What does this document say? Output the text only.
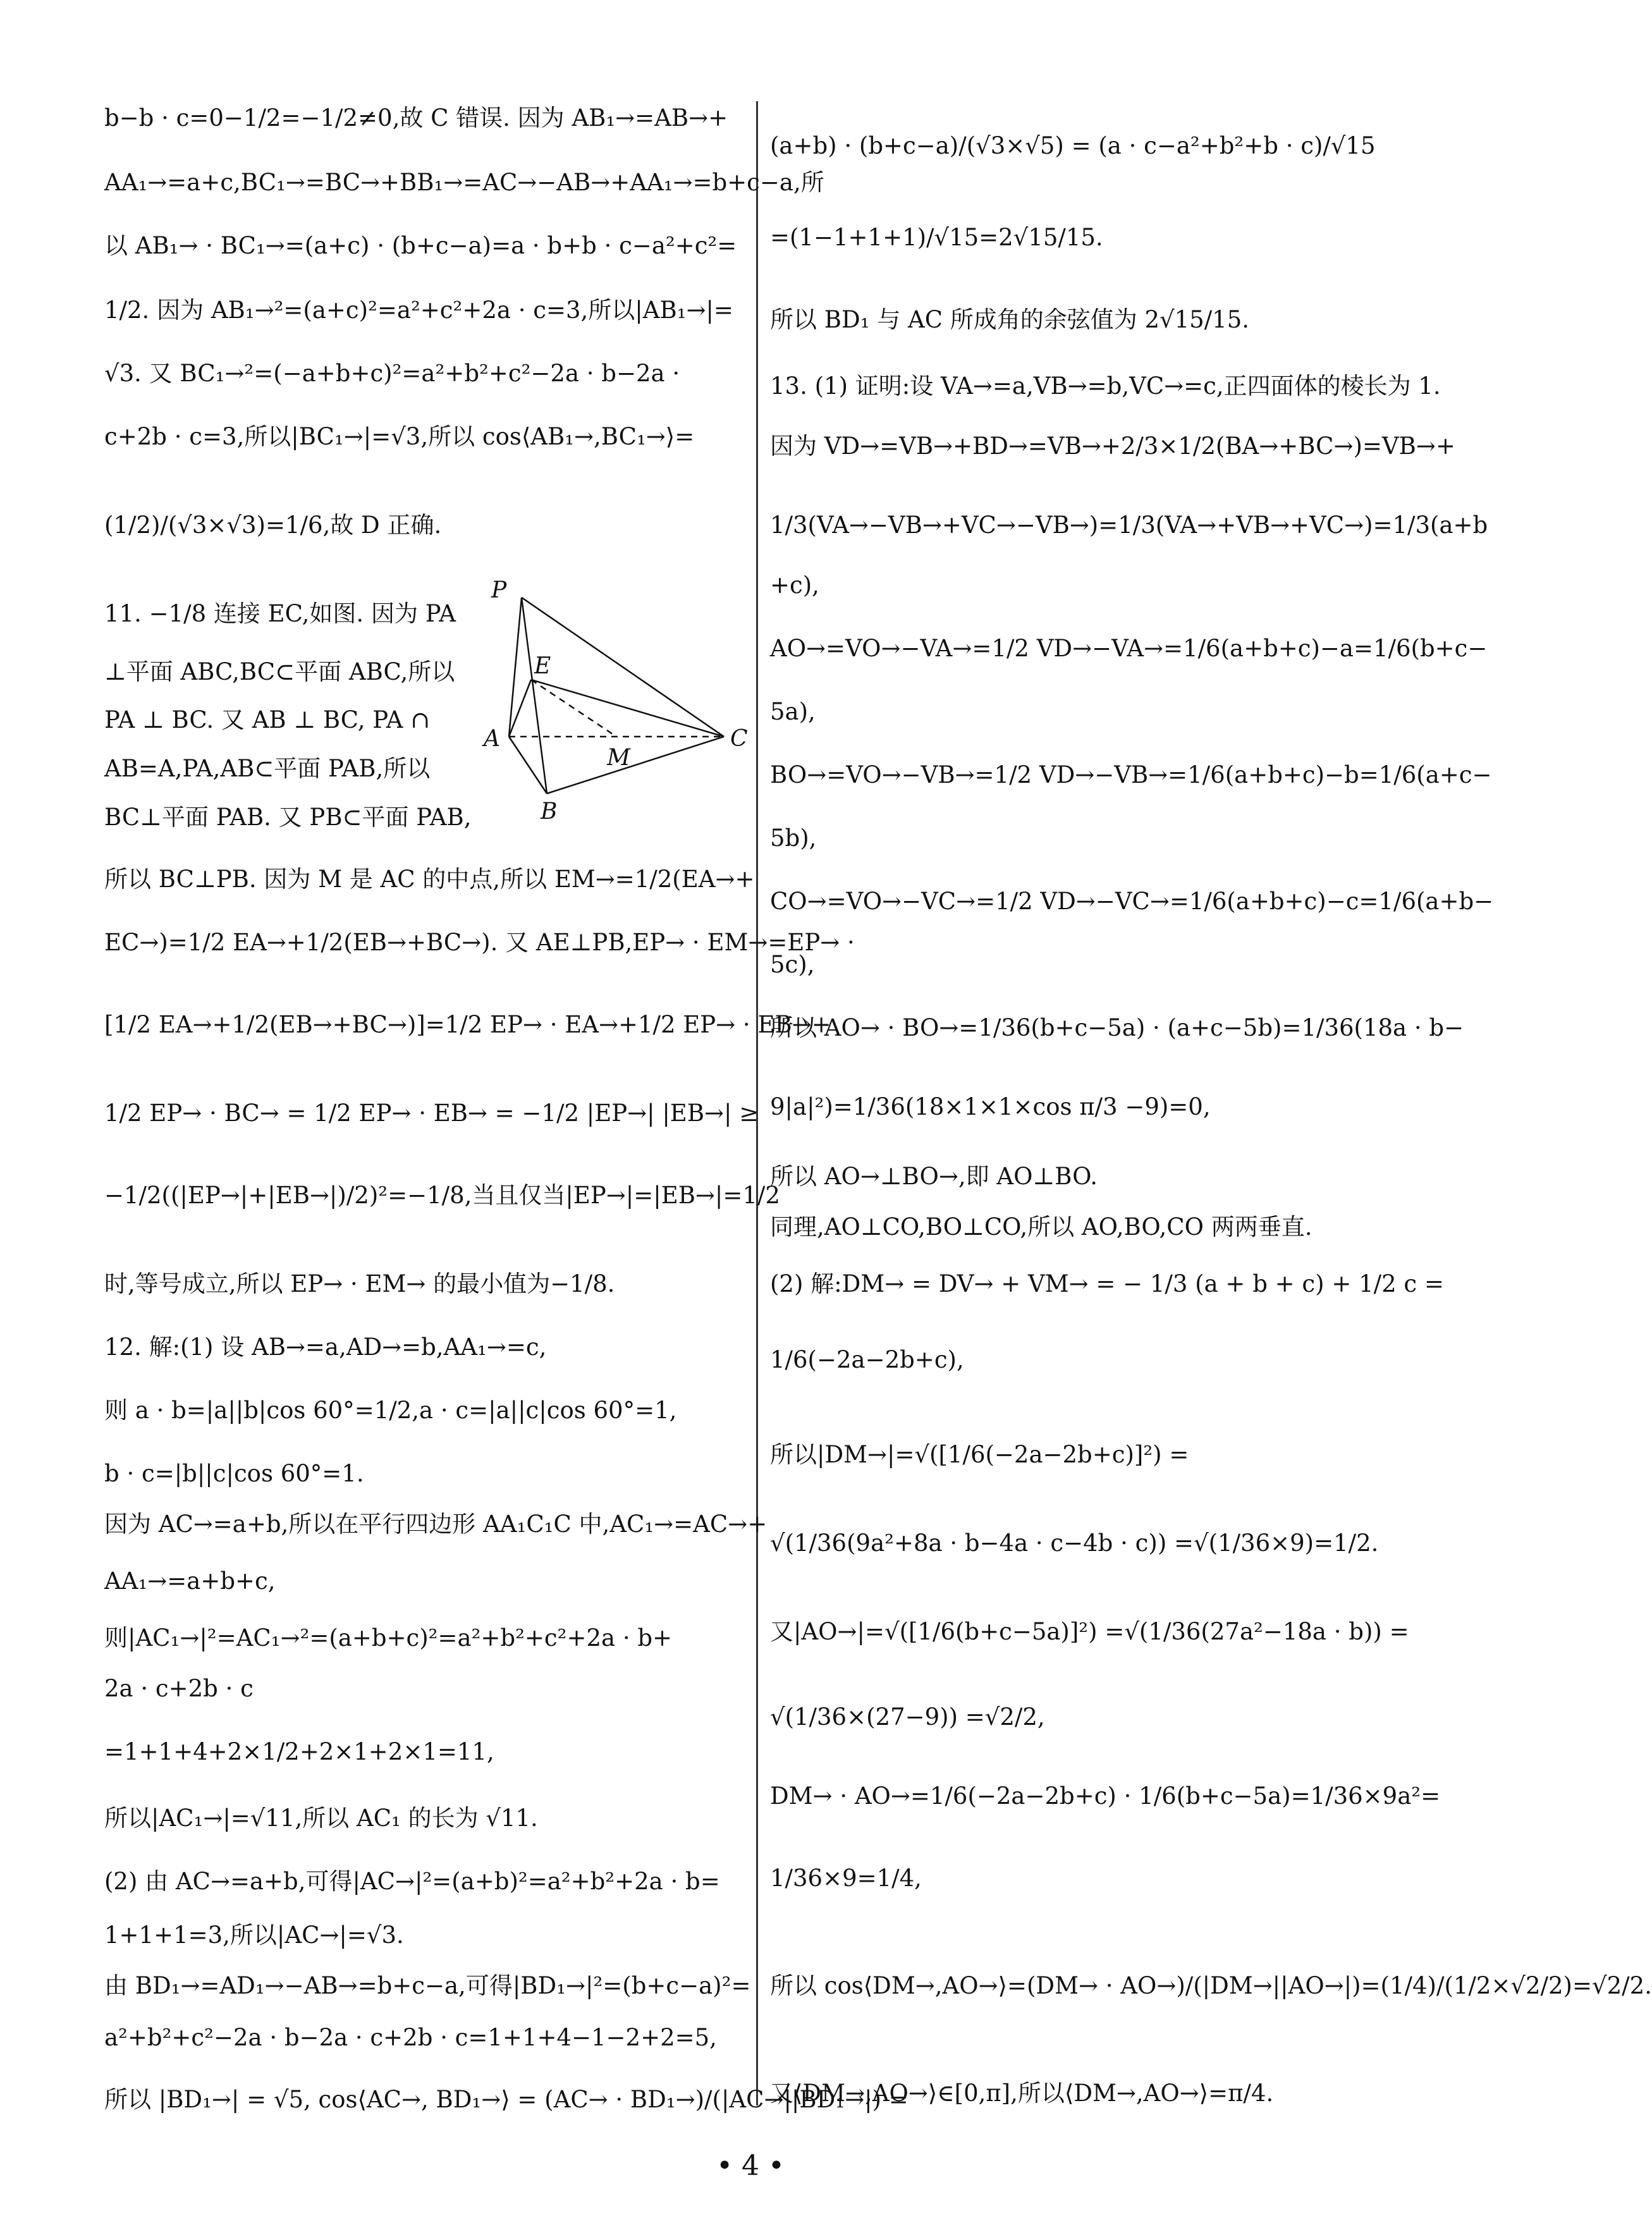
b−b · c=0−1/2=−1/2≠0,故 C 错误. 因为 AB₁→=AB→+

AA₁→=a+c,BC₁→=BC→+BB₁→=AC→−AB→+AA₁→=b+c−a,所

以 AB₁→ · BC₁→=(a+c) · (b+c−a)=a · b+b · c−a²+c²=

1/2. 因为 AB₁→²=(a+c)²=a²+c²+2a · c=3,所以|AB₁→|=

√3. 又 BC₁→²=(−a+b+c)²=a²+b²+c²−2a · b−2a ·

c+2b · c=3,所以|BC₁→|=√3,所以 cos⟨AB₁→,BC₁→⟩=

(1/2)/(√3×√3)=1/6,故 D 正确.

11. −1/8 连接 EC,如图. 因为 PA

⊥平面 ABC,BC⊂平面 ABC,所以

PA ⊥ BC. 又 AB ⊥ BC, PA ∩

AB=A,PA,AB⊂平面 PAB,所以

BC⊥平面 PAB. 又 PB⊂平面 PAB,

所以 BC⊥PB. 因为 M 是 AC 的中点,所以 EM→=1/2(EA→+

EC→)=1/2 EA→+1/2(EB→+BC→). 又 AE⊥PB,EP→ · EM→=EP→ ·

[1/2 EA→+1/2(EB→+BC→)]=1/2 EP→ · EA→+1/2 EP→ · EB→+

1/2 EP→ · BC→ = 1/2 EP→ · EB→ = −1/2 |EP→| |EB→| ≥

−1/2((|EP→|+|EB→|)/2)²=−1/8,当且仅当|EP→|=|EB→|=1/2

时,等号成立,所以 EP→ · EM→ 的最小值为−1/8.

12. 解:(1) 设 AB→=a,AD→=b,AA₁→=c,

则 a · b=|a||b|cos 60°=1/2,a · c=|a||c|cos 60°=1,

b · c=|b||c|cos 60°=1.

因为 AC→=a+b,所以在平行四边形 AA₁C₁C 中,AC₁→=AC→+

AA₁→=a+b+c,

则|AC₁→|²=AC₁→²=(a+b+c)²=a²+b²+c²+2a · b+

2a · c+2b · c

=1+1+4+2×1/2+2×1+2×1=11,

所以|AC₁→|=√11,所以 AC₁ 的长为 √11.

(2) 由 AC→=a+b,可得|AC→|²=(a+b)²=a²+b²+2a · b=

1+1+1=3,所以|AC→|=√3.

由 BD₁→=AD₁→−AB→=b+c−a,可得|BD₁→|²=(b+c−a)²=

a²+b²+c²−2a · b−2a · c+2b · c=1+1+4−1−2+2=5,

所以 |BD₁→| = √5, cos⟨AC→, BD₁→⟩ = (AC→ · BD₁→)/(|AC→||BD₁→|) =

(a+b) · (b+c−a)/(√3×√5) = (a · c−a²+b²+b · c)/√15

=(1−1+1+1)/√15=2√15/15.

所以 BD₁ 与 AC 所成角的余弦值为 2√15/15.

13. (1) 证明:设 VA→=a,VB→=b,VC→=c,正四面体的棱长为 1.

因为 VD→=VB→+BD→=VB→+2/3×1/2(BA→+BC→)=VB→+

1/3(VA→−VB→+VC→−VB→)=1/3(VA→+VB→+VC→)=1/3(a+b

+c),

AO→=VO→−VA→=1/2 VD→−VA→=1/6(a+b+c)−a=1/6(b+c−

5a),

BO→=VO→−VB→=1/2 VD→−VB→=1/6(a+b+c)−b=1/6(a+c−

5b),

CO→=VO→−VC→=1/2 VD→−VC→=1/6(a+b+c)−c=1/6(a+b−

5c),

所以 AO→ · BO→=1/36(b+c−5a) · (a+c−5b)=1/36(18a · b−

9|a|²)=1/36(18×1×1×cos π/3 −9)=0,

所以 AO→⊥BO→,即 AO⊥BO.

同理,AO⊥CO,BO⊥CO,所以 AO,BO,CO 两两垂直.

(2) 解:DM→ = DV→ + VM→ = − 1/3 (a + b + c) + 1/2 c =

1/6(−2a−2b+c),

所以|DM→|=√([1/6(−2a−2b+c)]²) =

√(1/36(9a²+8a · b−4a · c−4b · c)) =√(1/36×9)=1/2.

又|AO→|=√([1/6(b+c−5a)]²) =√(1/36(27a²−18a · b)) =

√(1/36×(27−9)) =√2/2,

DM→ · AO→=1/6(−2a−2b+c) · 1/6(b+c−5a)=1/36×9a²=

1/36×9=1/4,

所以 cos⟨DM→,AO→⟩=(DM→ · AO→)/(|DM→||AO→|)=(1/4)/(1/2×√2/2)=√2/2.

又⟨DM→,AO→⟩∈[0,π],所以⟨DM→,AO→⟩=π/4.

P
E
A
M
C
B
• 4 •
